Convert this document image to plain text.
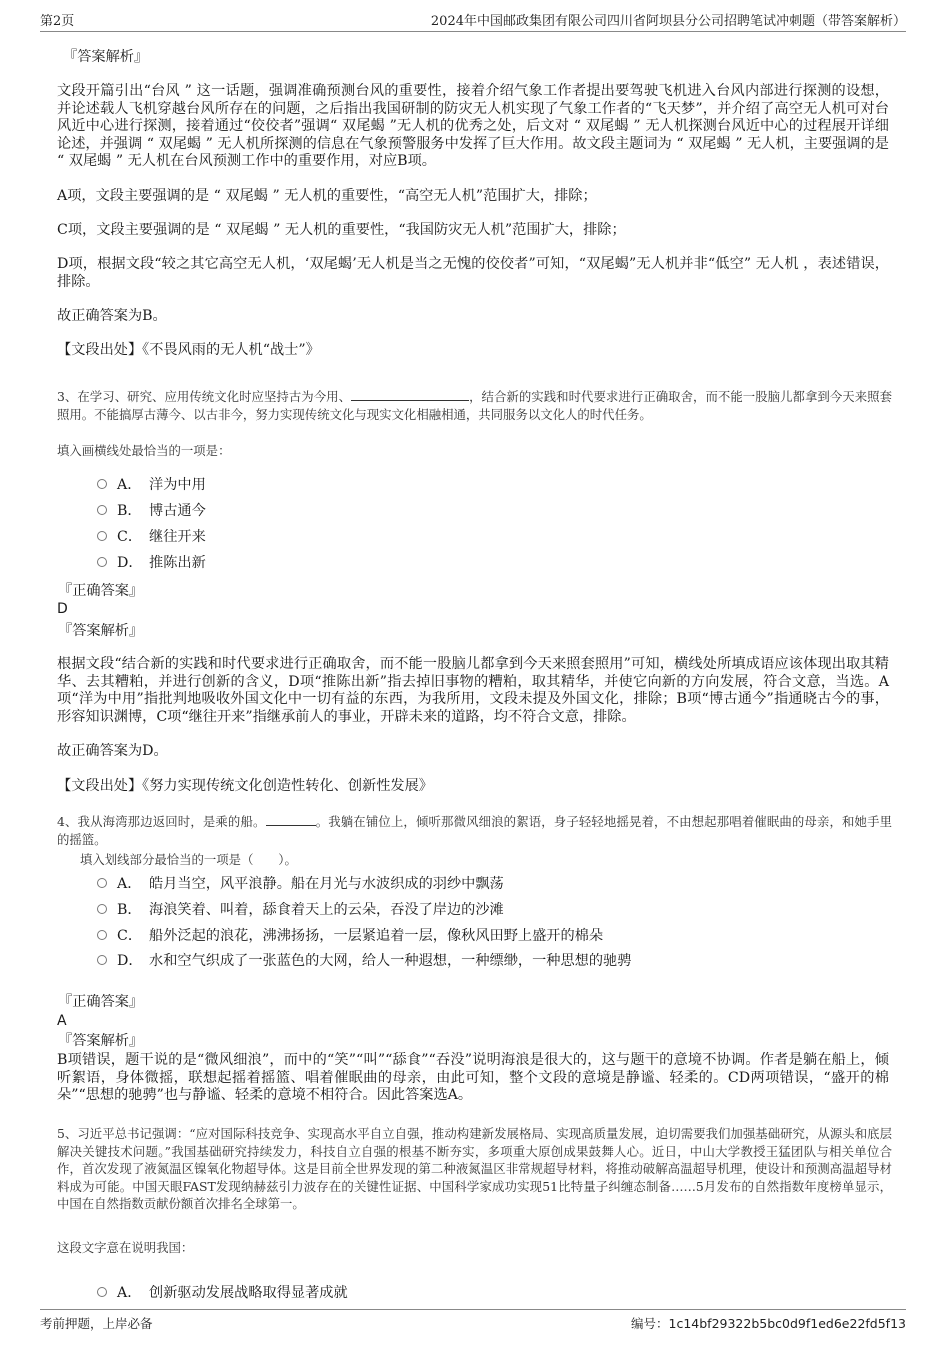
第2页	2024年中国邮政集团有限公司四川省阿坝县分公司招聘笔试冲刺题（带答案解析）
『答案解析』
文段开篇引出“台风 ” 这一话题，强调准确预测台风的重要性，接着介绍气象工作者提出要驾驶飞机进入台风内部进行探测的设想，并论述载人飞机穿越台风所存在的问题，之后指出我国研制的防灾无人机实现了气象工作者的“飞天梦”，并介绍了高空无人机可对台风近中心进行探测，接着通过“佼佼者”强调“ 双尾蝎 ”无人机的优秀之处，后文对 “ 双尾蝎 ” 无人机探测台风近中心的过程展开详细论述，并强调 “ 双尾蝎 ” 无人机所探测的信息在气象预警服务中发挥了巨大作用。故文段主题词为 “ 双尾蝎 ” 无人机，主要强调的是 “ 双尾蝎 ” 无人机在台风预测工作中的重要作用，对应B项。
A项，文段主要强调的是 “ 双尾蝎 ” 无人机的重要性，“高空无人机”范围扩大，排除；
C项，文段主要强调的是 “ 双尾蝎 ” 无人机的重要性，“我国防灾无人机”范围扩大，排除；
D项，根据文段“较之其它高空无人机，‘双尾蝎’无人机是当之无愧的佼佼者”可知，“双尾蝎”无人机并非“低空” 无人机 ，表述错误，排除。
故正确答案为B。
【文段出处】《不畏风雨的无人机“战士”》
3、在学习、研究、应用传统文化时应坚持古为今用、	，结合新的实践和时代要求进行正确取舍，而不能一股脑儿都拿到今天来照套照用。不能搞厚古薄今、以古非今，努力实现传统文化与现实文化相融相通，共同服务以文化人的时代任务。
填入画横线处最恰当的一项是：
A． 洋为中用
B． 博古通今
C． 继往开来
D． 推陈出新
『正确答案』
D
『答案解析』
根据文段“结合新的实践和时代要求进行正确取舍，而不能一股脑儿都拿到今天来照套照用”可知，横线处所填成语应该体现出取其精华、去其糟粕，并进行创新的含义，D项“推陈出新”指去掉旧事物的糟粕，取其精华，并使它向新的方向发展，符合文意，当选。A项“洋为中用”指批判地吸收外国文化中一切有益的东西，为我所用，文段未提及外国文化，排除；B项“博古通今”指通晓古今的事，形容知识渊博，C项“继往开来”指继承前人的事业，开辟未来的道路，均不符合文意，排除。
故正确答案为D。
【文段出处】《努力实现传统文化创造性转化、创新性发展》
4、我从海湾那边返回时，是乘的船。	。我躺在铺位上，倾听那微风细浪的絮语，身子轻轻地摇晃着，不由想起那唱着催眠曲的母亲，和她手里的摇篮。
填入划线部分最恰当的一项是（　　）。
A． 皓月当空，风平浪静。船在月光与水波织成的羽纱中飘荡
B． 海浪笑着、叫着，舔食着天上的云朵，吞没了岸边的沙滩
C． 船外泛起的浪花，沸沸扬扬，一层紧追着一层，像秋风田野上盛开的棉朵
D． 水和空气织成了一张蓝色的大网，给人一种遐想，一种缥缈，一种思想的驰骋
『正确答案』
A
『答案解析』
B项错误，题干说的是“微风细浪”，而中的“笑”“叫”“舔食”“吞没”说明海浪是很大的，这与题干的意境不协调。作者是躺在船上，倾听絮语，身体微摇，联想起摇着摇篮、唱着催眠曲的母亲，由此可知，整个文段的意境是静谧、轻柔的。CD两项错误，“盛开的棉朵”“思想的驰骋”也与静谧、轻柔的意境不相符合。因此答案选A。
5、习近平总书记强调：“应对国际科技竞争、实现高水平自立自强，推动构建新发展格局、实现高质量发展，迫切需要我们加强基础研究，从源头和底层解决关键技术问题。”我国基础研究持续发力，科技自立自强的根基不断夯实，多项重大原创成果鼓舞人心。近日，中山大学教授王猛团队与相关单位合作，首次发现了液氮温区镍氧化物超导体。这是目前全世界发现的第二种液氮温区非常规超导材料，将推动破解高温超导机理，使设计和预测高温超导材料成为可能。中国天眼FAST发现纳赫兹引力波存在的关键性证据、中国科学家成功实现51比特量子纠缠态制备……5月发布的自然指数年度榜单显示，中国在自然指数贡献份额首次排名全球第一。
这段文字意在说明我国：
A． 创新驱动发展战略取得显著成就
考前押题，上岸必备	编号：1c14bf29322b5bc0d9f1ed6e22fd5f13
